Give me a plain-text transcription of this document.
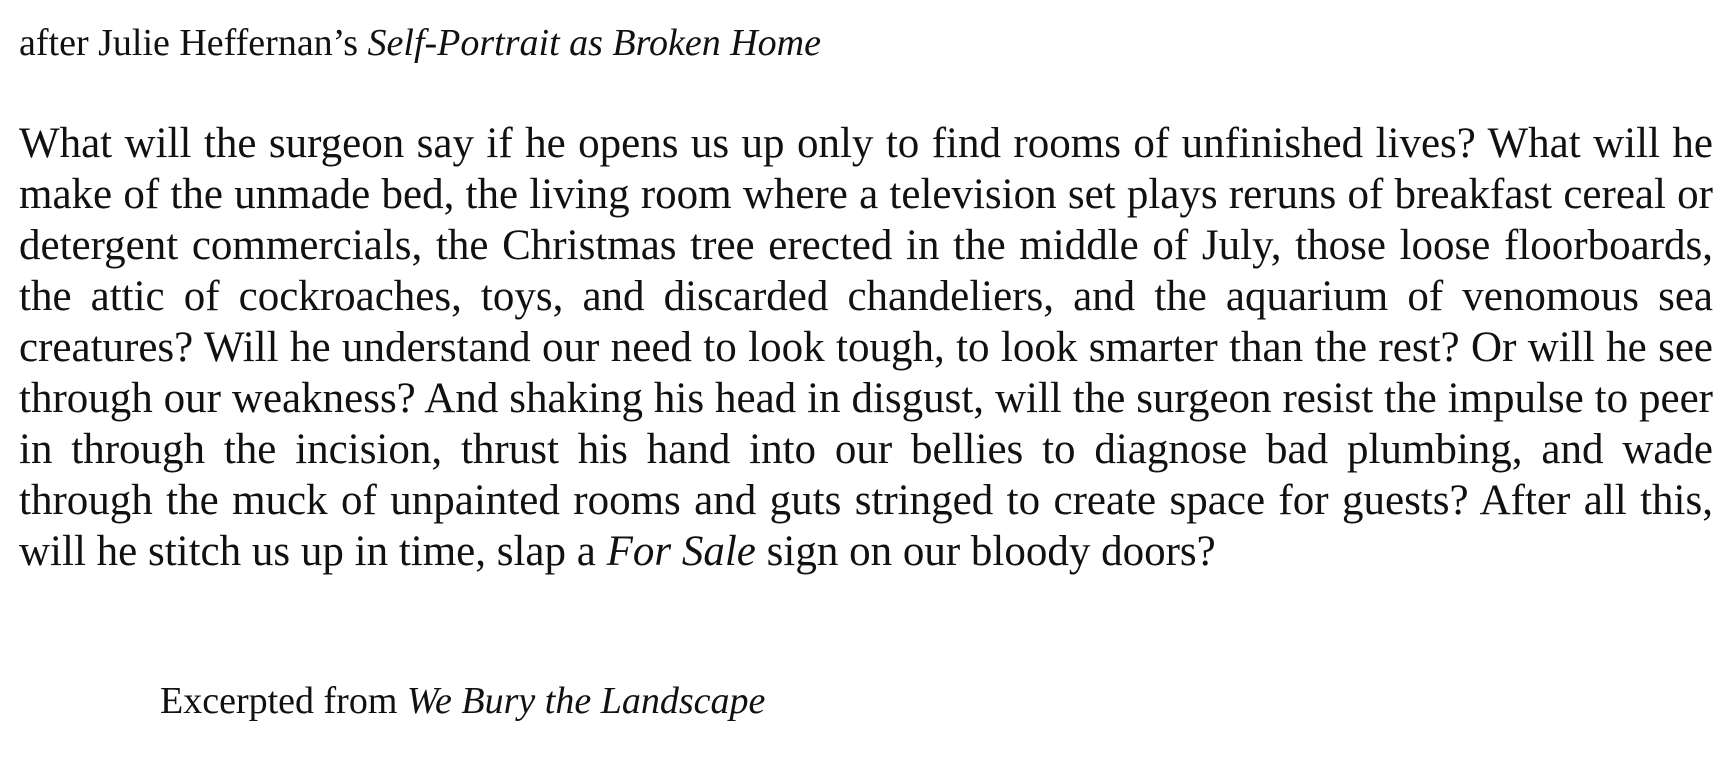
after Julie Heffernan’s Self-Portrait as Broken Home

What will the surgeon say if he opens us up only to find rooms of unfinished lives? What will he make of the unmade bed, the living room where a television set plays reruns of breakfast cereal or detergent commercials, the Christmas tree erected in the middle of July, those loose floorboards, the attic of cockroaches, toys, and discarded chandeliers, and the aquarium of venomous sea creatures? Will he understand our need to look tough, to look smarter than the rest? Or will he see through our weakness? And shaking his head in disgust, will the surgeon resist the impulse to peer in through the incision, thrust his hand into our bellies to diagnose bad plumbing, and wade through the muck of unpainted rooms and guts stringed to create space for guests? After all this, will he stitch us up in time, slap a For Sale sign on our bloody doors?

Excerpted from We Bury the Landscape
